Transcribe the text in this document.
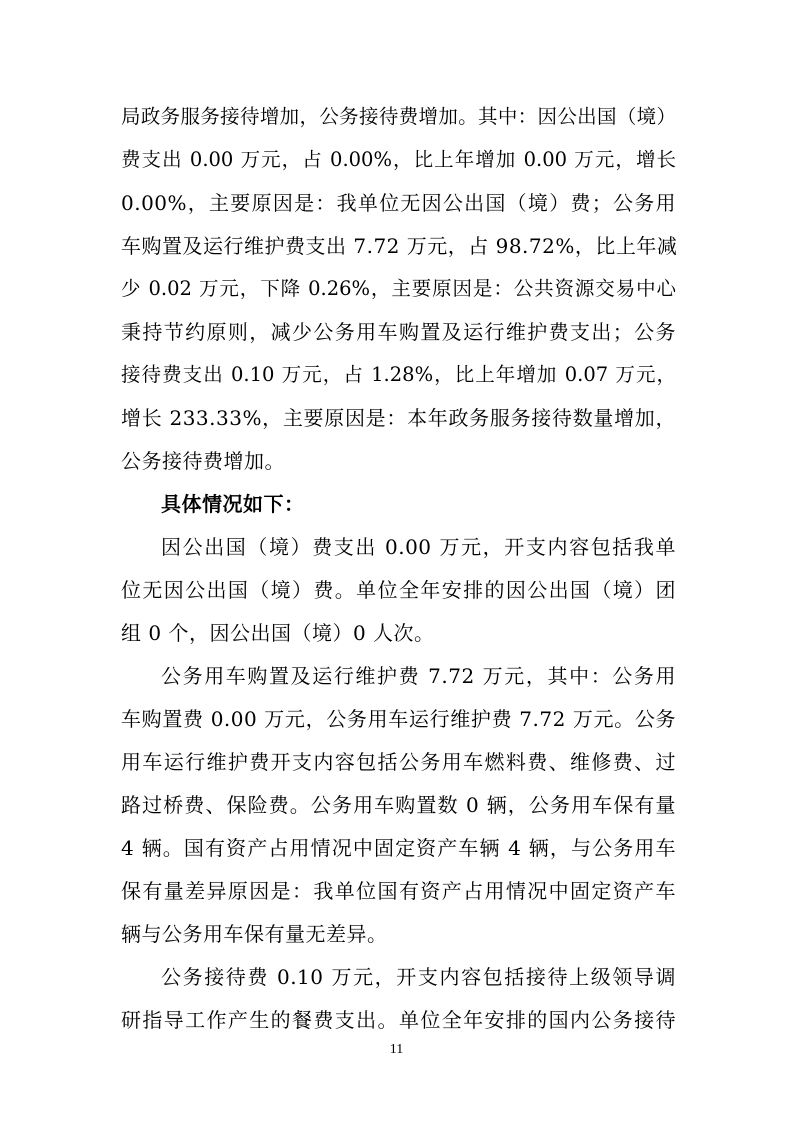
局政务服务接待增加，公务接待费增加。其中：因公出国（境）
费支出 0.00 万元，占 0.00%，比上年增加 0.00 万元，增长
0.00%，主要原因是：我单位无因公出国（境）费；公务用
车购置及运行维护费支出 7.72 万元，占 98.72%，比上年减
少 0.02 万元，下降 0.26%，主要原因是：公共资源交易中心
秉持节约原则，减少公务用车购置及运行维护费支出；公务
接待费支出 0.10 万元，占 1.28%，比上年增加 0.07 万元，
增长 233.33%，主要原因是：本年政务服务接待数量增加，
公务接待费增加。
具体情况如下：
因公出国（境）费支出 0.00 万元，开支内容包括我单
位无因公出国（境）费。单位全年安排的因公出国（境）团
组 0 个，因公出国（境）0 人次。
公务用车购置及运行维护费 7.72 万元，其中：公务用
车购置费 0.00 万元，公务用车运行维护费 7.72 万元。公务
用车运行维护费开支内容包括公务用车燃料费、维修费、过
路过桥费、保险费。公务用车购置数 0 辆，公务用车保有量
4 辆。国有资产占用情况中固定资产车辆 4 辆，与公务用车
保有量差异原因是：我单位国有资产占用情况中固定资产车
辆与公务用车保有量无差异。
公务接待费 0.10 万元，开支内容包括接待上级领导调
研指导工作产生的餐费支出。单位全年安排的国内公务接待
11
